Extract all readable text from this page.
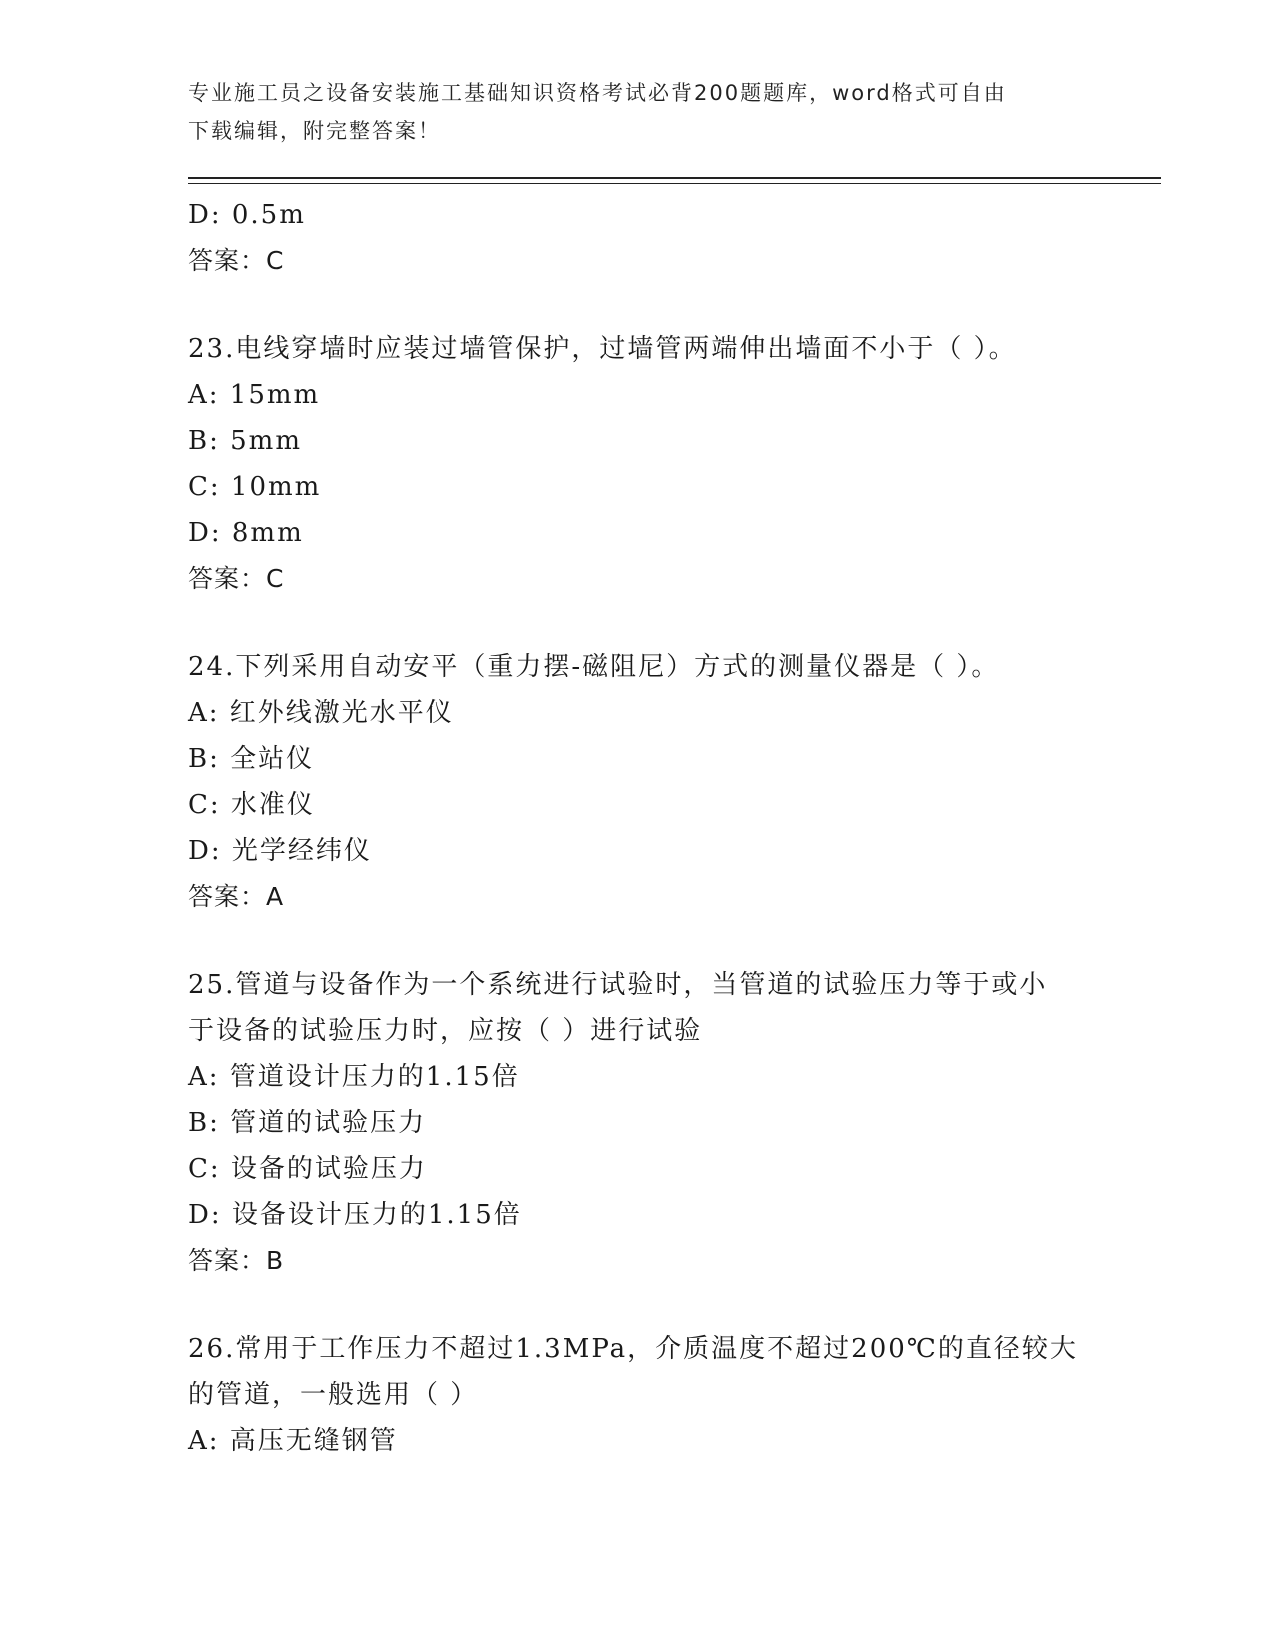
专业施工员之设备安装施工基础知识资格考试必背200题题库，word格式可自由
下载编辑，附完整答案！
D: 0.5m
答案：C
23.电线穿墙时应装过墙管保护，过墙管两端伸出墙面不小于（ ）。
A: 15mm
B: 5mm
C: 10mm
D: 8mm
答案：C
24.下列采用自动安平（重力摆-磁阻尼）方式的测量仪器是（ ）。
A: 红外线激光水平仪
B: 全站仪
C: 水准仪
D: 光学经纬仪
答案：A
25.管道与设备作为一个系统进行试验时，当管道的试验压力等于或小
于设备的试验压力时，应按（ ）进行试验
A: 管道设计压力的1.15倍
B: 管道的试验压力
C: 设备的试验压力
D: 设备设计压力的1.15倍
答案：B
26.常用于工作压力不超过1.3MPa，介质温度不超过200℃的直径较大
的管道，一般选用（ ）
A: 高压无缝钢管
